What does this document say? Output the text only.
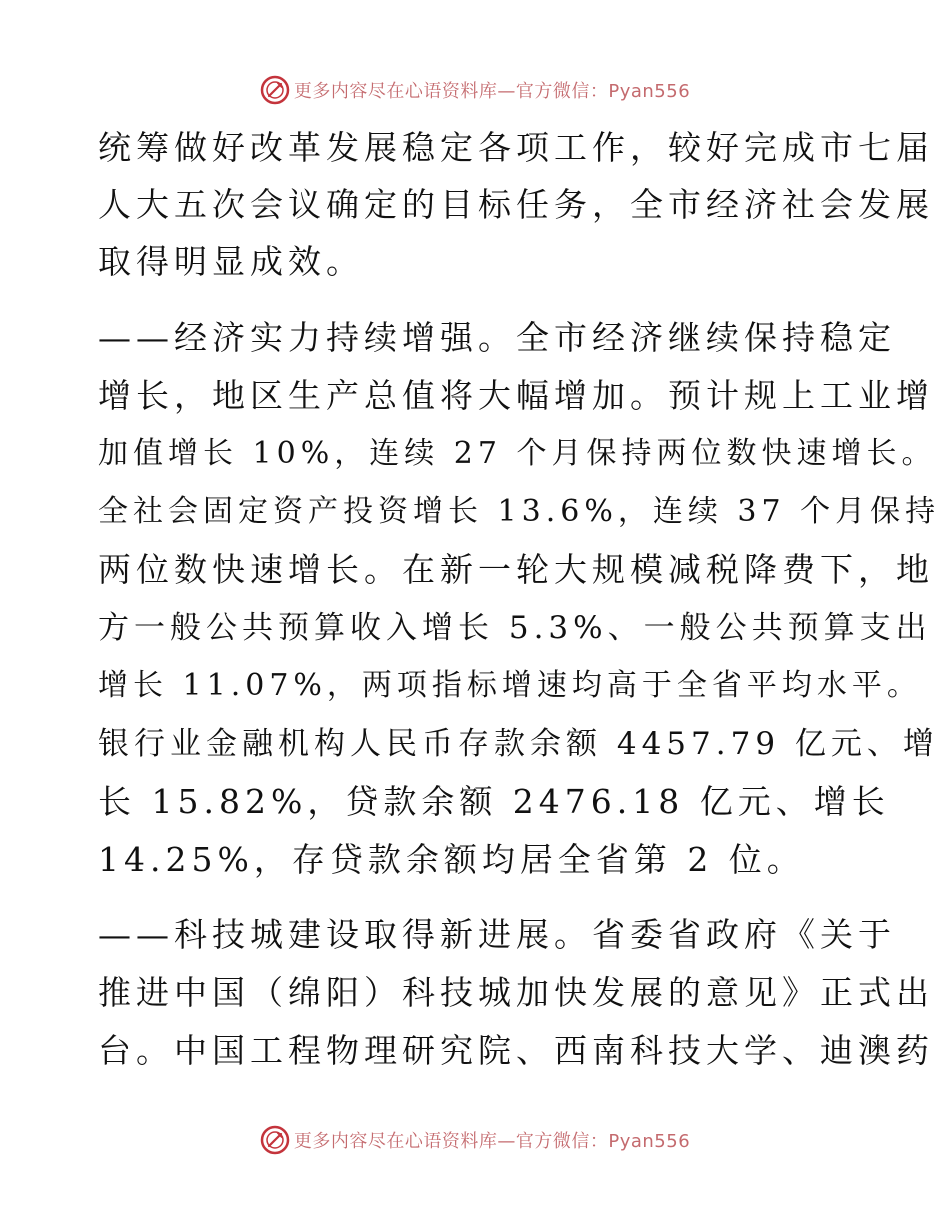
更多内容尽在心语资料库—官方微信：Pyan556
统筹做好改革发展稳定各项工作，较好完成市七届
人大五次会议确定的目标任务，全市经济社会发展
取得明显成效。
——经济实力持续增强。全市经济继续保持稳定
增长，地区生产总值将大幅增加。预计规上工业增
加值增长 10%，连续 27 个月保持两位数快速增长。
全社会固定资产投资增长 13.6%，连续 37 个月保持
两位数快速增长。在新一轮大规模减税降费下，地
方一般公共预算收入增长 5.3%、一般公共预算支出
增长 11.07%，两项指标增速均高于全省平均水平。
银行业金融机构人民币存款余额 4457.79 亿元、增
长 15.82%，贷款余额 2476.18 亿元、增长
14.25%，存贷款余额均居全省第 2 位。
——科技城建设取得新进展。省委省政府《关于
推进中国（绵阳）科技城加快发展的意见》正式出
台。中国工程物理研究院、西南科技大学、迪澳药
更多内容尽在心语资料库—官方微信：Pyan556
